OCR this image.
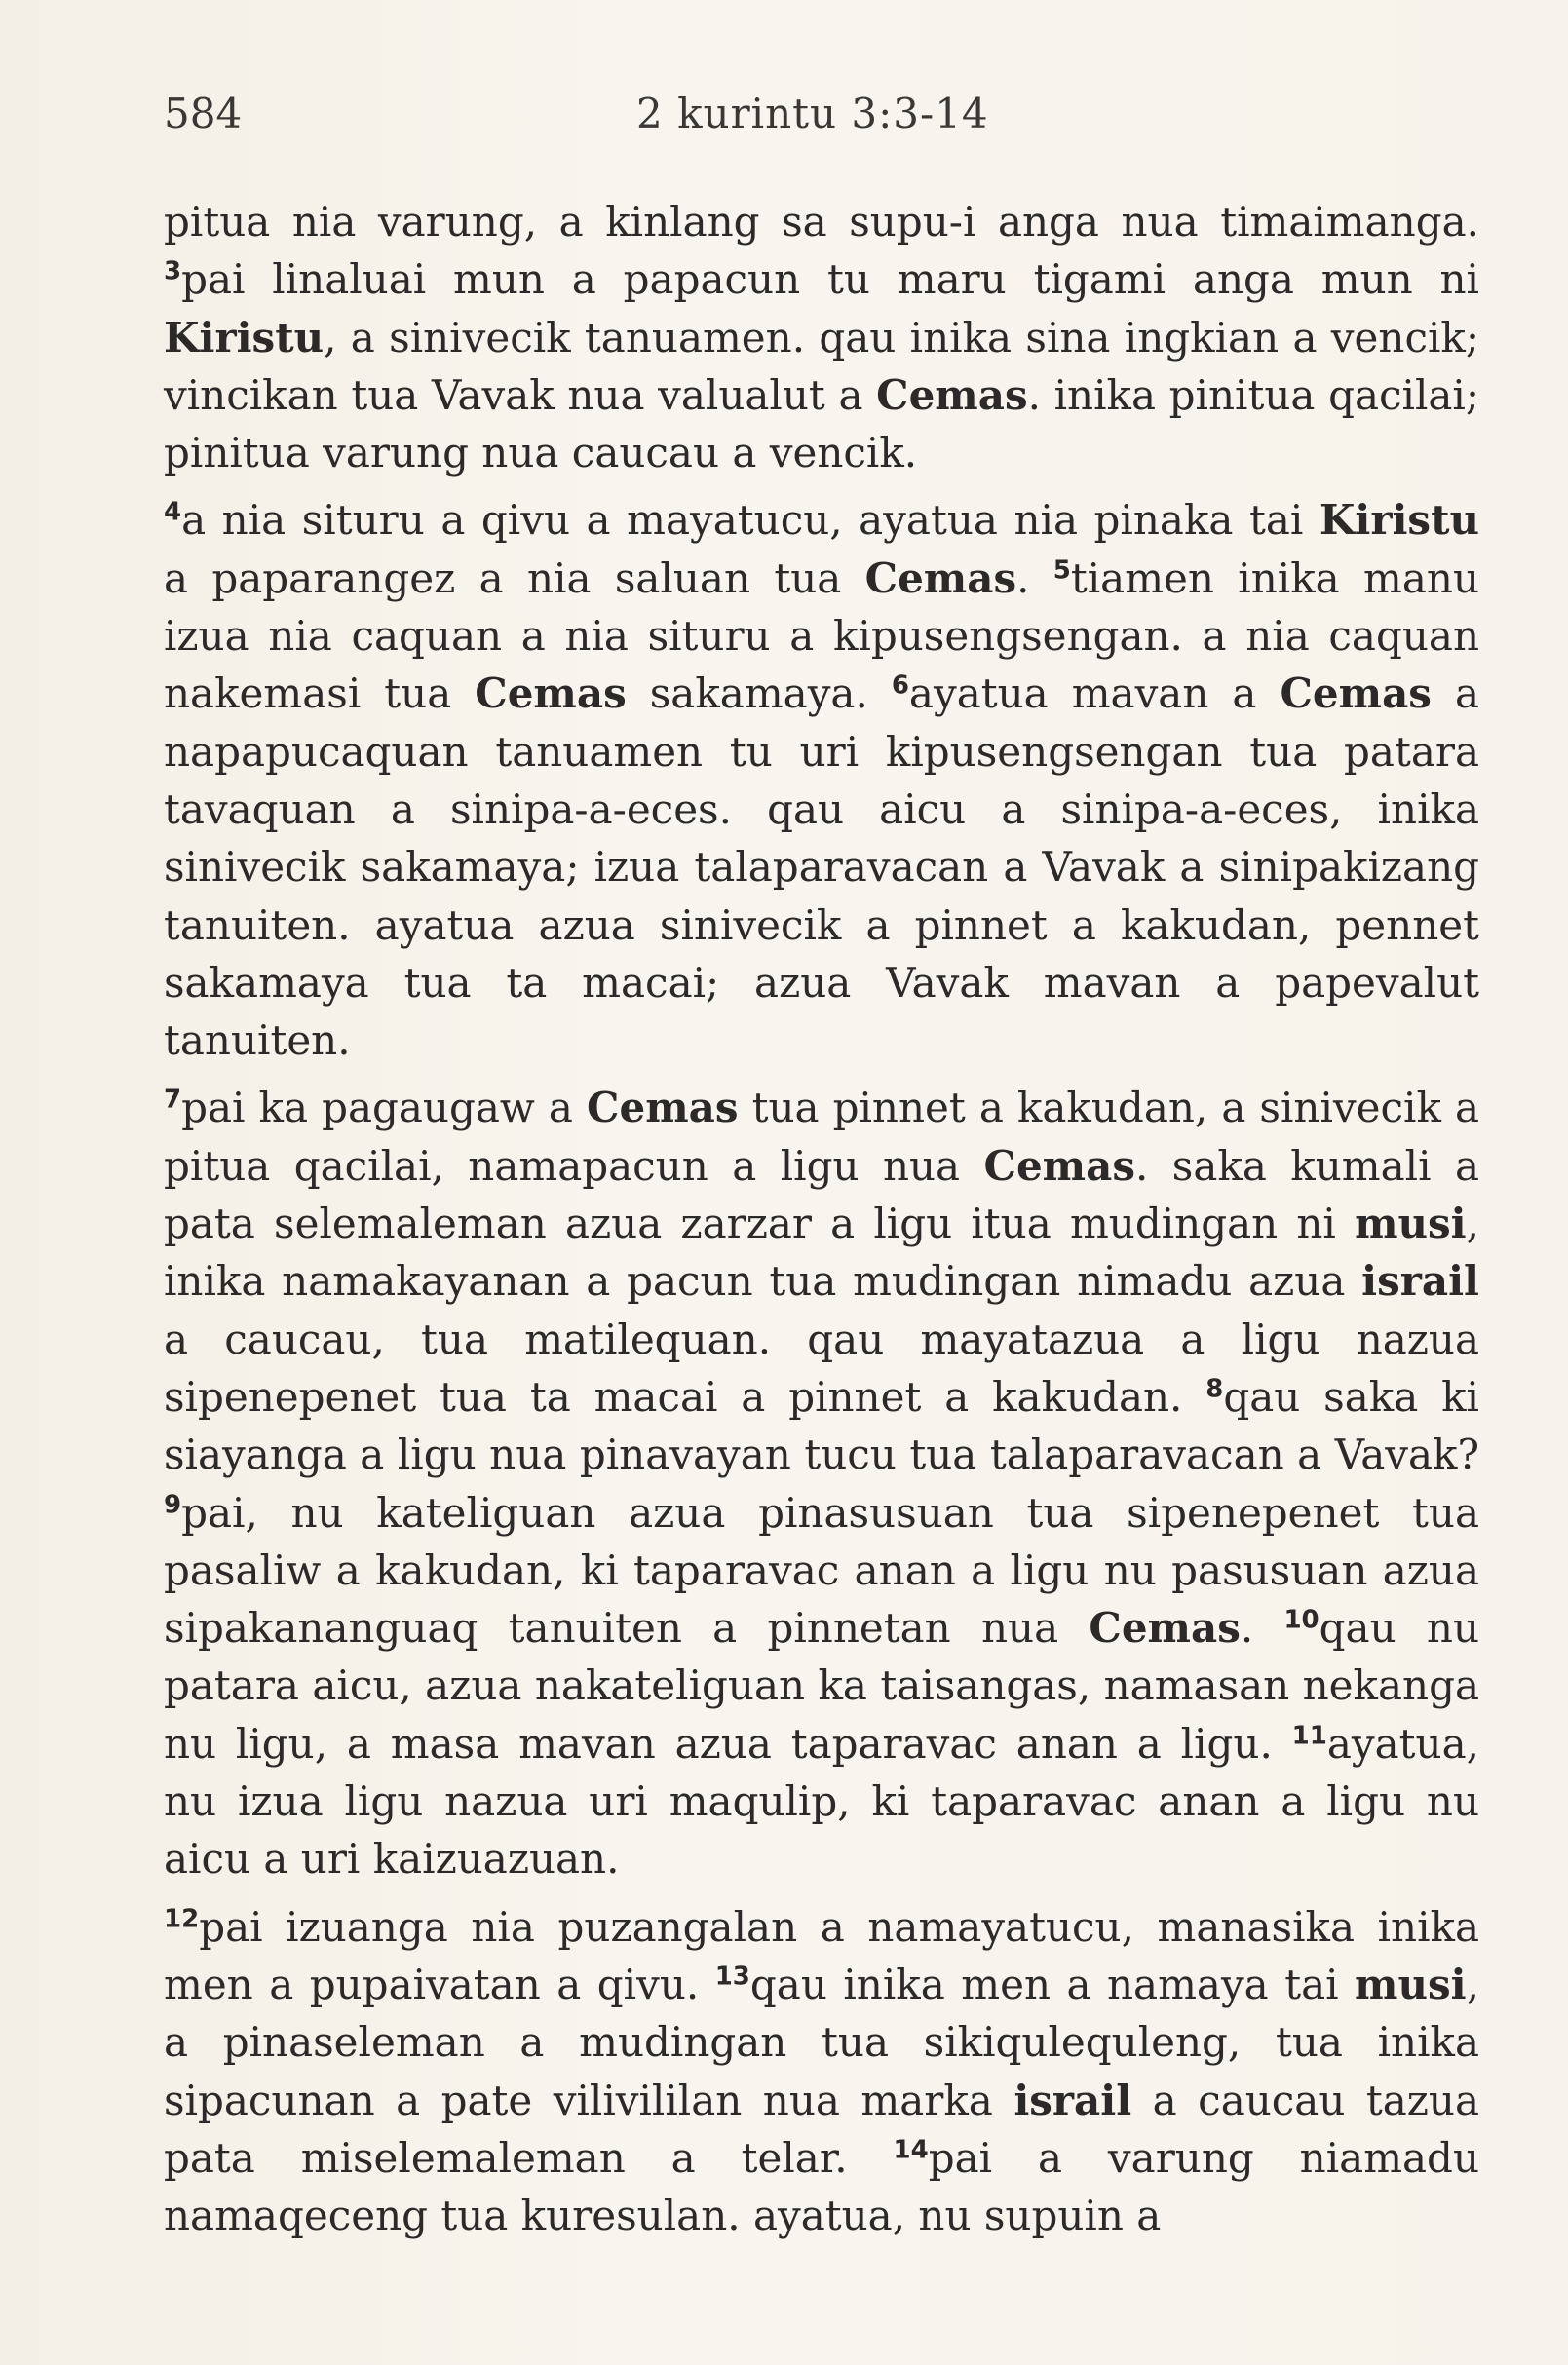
584	2 kurintu 3:3-14

pitua nia varung, a kinlang sa supu-i anga nua timaimanga. $^3$pai linaluai mun a papacun tu maru tigami anga mun ni Kiristu, a sinivecik tanuamen. qau inika sina ingkian a vencik; vincikan tua Vavak nua valualut a Cemas. inika pinitua qacilai; pinitua varung nua caucau a vencik.

$^4$a nia situru a qivu a mayatucu, ayatua nia pinaka tai Kiristu a paparangez a nia saluan tua Cemas. $^5$tiamen inika manu izua nia caquan a nia situru a kipusengsengan. a nia caquan nakemasi tua Cemas sakamaya. $^6$ayatua mavan a Cemas a napapucaquan tanuamen tu uri kipusengsengan tua patara tavaquan a sinipa-a-eces. qau aicu a sinipa-a-eces, inika sinivecik sakamaya; izua talaparavacan a Vavak a sinipakizang tanuiten. ayatua azua sinivecik a pinnet a kakudan, pennet sakamaya tua ta macai; azua Vavak mavan a papevalut tanuiten.

$^7$pai ka pagaugaw a Cemas tua pinnet a kakudan, a sinivecik a pitua qacilai, namapacun a ligu nua Cemas. saka kumali a pata selemaleman azua zarzar a ligu itua mudingan ni musi, inika namakayanan a pacun tua mudingan nimadu azua israil a caucau, tua matilequan. qau mayatazua a ligu nazua sipenepenet tua ta macai a pinnet a kakudan. $^8$qau saka ki siayanga a ligu nua pinavayan tucu tua talaparavacan a Vavak? $^9$pai, nu kateliguan azua pinasusuan tua sipenepenet tua pasaliw a kakudan, ki taparavac anan a ligu nu pasusuan azua sipakananguaq tanuiten a pinnetan nua Cemas. $^{10}$qau nu patara aicu, azua nakateliguan ka taisangas, namasan nekanga nu ligu, a masa mavan azua taparavac anan a ligu. $^{11}$ayatua, nu izua ligu nazua uri maqulip, ki taparavac anan a ligu nu aicu a uri kaizuazuan.

$^{12}$pai izuanga nia puzangalan a namayatucu, manasika inika men a pupaivatan a qivu. $^{13}$qau inika men a namaya tai musi, a pinaseleman a mudingan tua sikiqulequleng, tua inika sipacunan a pate vilivililan nua marka israil a caucau tazua pata miselemaleman a telar. $^{14}$pai a varung niamadu namaqeceng tua kuresulan. ayatua, nu supuin a
